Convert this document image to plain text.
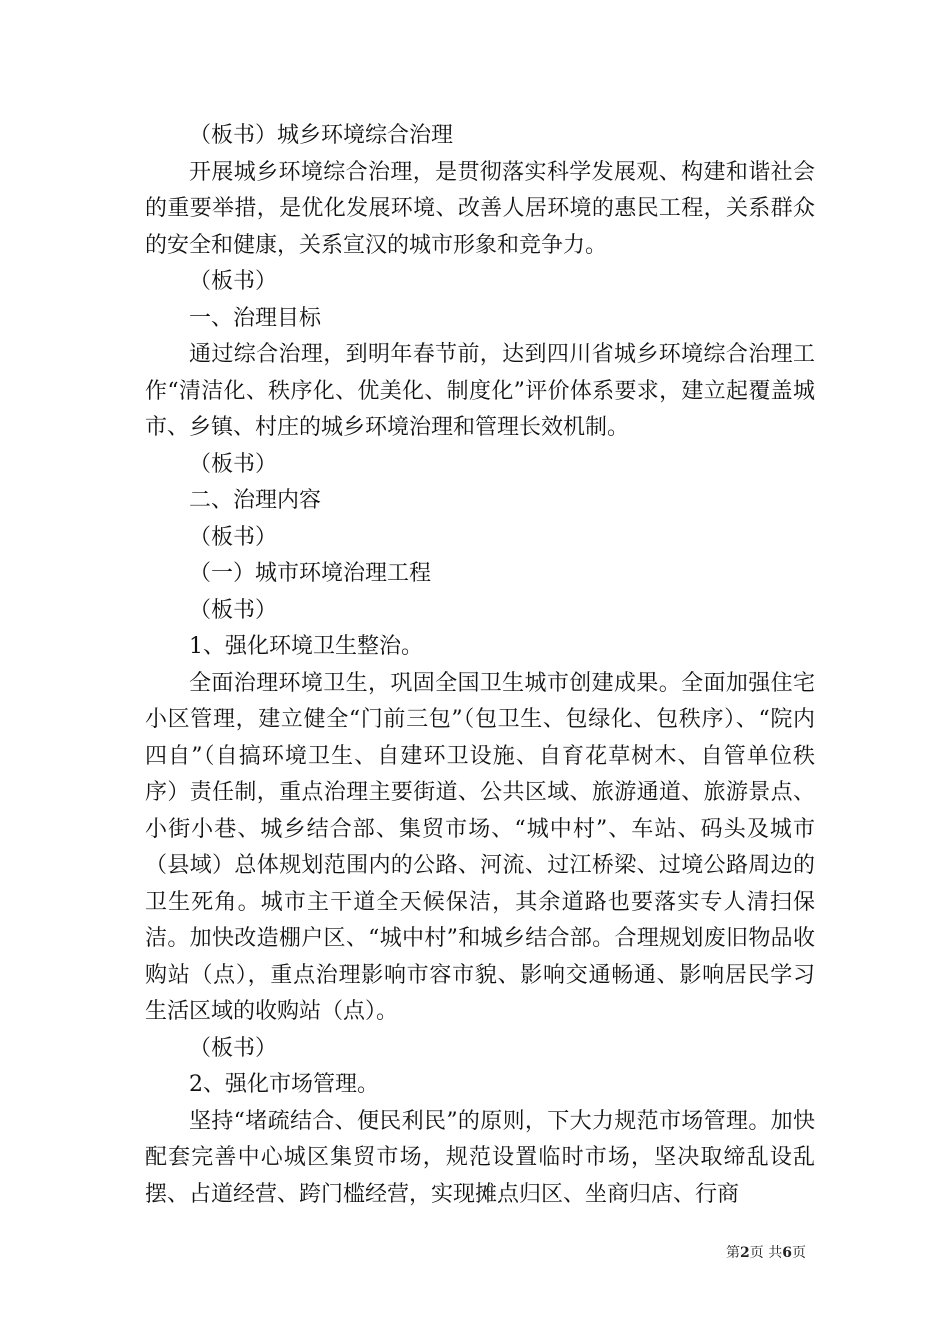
（板书）城乡环境综合治理

开展城乡环境综合治理，是贯彻落实科学发展观、构建和谐社会的重要举措，是优化发展环境、改善人居环境的惠民工程，关系群众的安全和健康，关系宣汉的城市形象和竞争力。

（板书）

一、治理目标

通过综合治理，到明年春节前，达到四川省城乡环境综合治理工作“清洁化、秩序化、优美化、制度化”评价体系要求，建立起覆盖城市、乡镇、村庄的城乡环境治理和管理长效机制。

（板书）

二、治理内容

（板书）

（一）城市环境治理工程

（板书）

1、强化环境卫生整治。

全面治理环境卫生，巩固全国卫生城市创建成果。全面加强住宅小区管理，建立健全“门前三包”（包卫生、包绿化、包秩序）、“院内四自”（自搞环境卫生、自建环卫设施、自育花草树木、自管单位秩序）责任制，重点治理主要街道、公共区域、旅游通道、旅游景点、小街小巷、城乡结合部、集贸市场、“城中村”、车站、码头及城市（县域）总体规划范围内的公路、河流、过江桥梁、过境公路周边的卫生死角。城市主干道全天候保洁，其余道路也要落实专人清扫保洁。加快改造棚户区、“城中村”和城乡结合部。合理规划废旧物品收购站（点），重点治理影响市容市貌、影响交通畅通、影响居民学习生活区域的收购站（点）。

（板书）

2、强化市场管理。

坚持“堵疏结合、便民利民”的原则，下大力规范市场管理。加快配套完善中心城区集贸市场，规范设置临时市场，坚决取缔乱设乱摆、占道经营、跨门槛经营，实现摊点归区、坐商归店、行商

第2页 共6页
